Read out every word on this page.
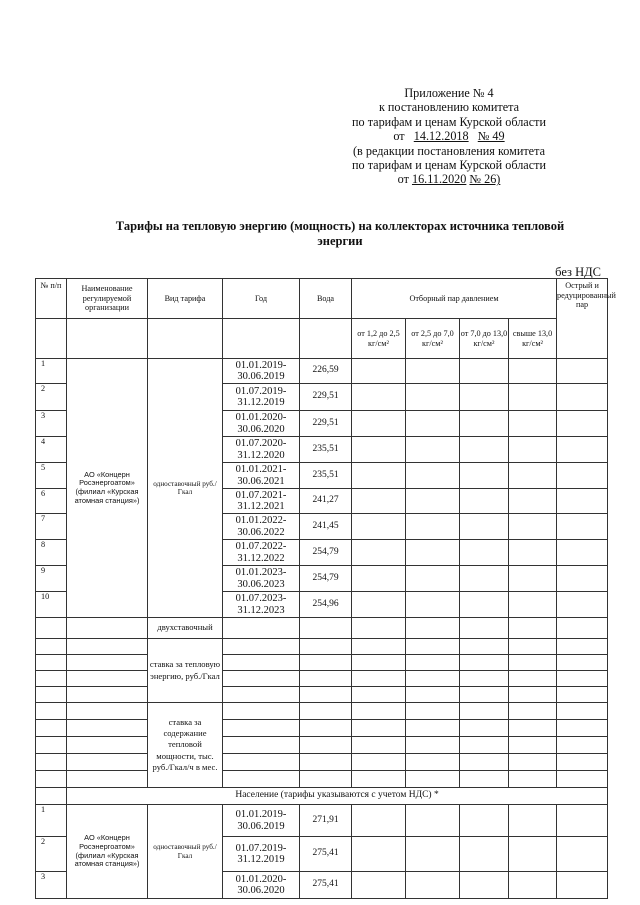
Приложение № 4
к постановлению комитета
по тарифам и ценам Курской области
от 14.12.2018 № 49
(в редакции постановления комитета
по тарифам и ценам Курской области
от 16.11.2020 № 26)
Тарифы на тепловую энергию (мощность) на коллекторах источника тепловой энергии
без НДС
№ п/п	Наименование регулируемой организации	Вид тарифа	Год	Вода	Отборный пар давлением				Острый и редуцированный пар
					от 1,2 до 2,5 кг/см²	от 2,5 до 7,0 кг/см²	от 7,0 до 13,0 кг/см²	свыше 13,0 кг/см²	
1	АО «Концерн Росэнергоатом» (филиал «Курская атомная станция»)	одноставочный руб./Гкал	01.01.2019-30.06.2019	226,59					
2			01.07.2019-31.12.2019	229,51					
3			01.01.2020-30.06.2020	229,51					
4			01.07.2020-31.12.2020	235,51					
5			01.01.2021-30.06.2021	235,51					
6			01.07.2021-31.12.2021	241,27					
7			01.01.2022-30.06.2022	241,45					
8			01.07.2022-31.12.2022	254,79					
9			01.01.2023-30.06.2023	254,79					
10			01.07.2023-31.12.2023	254,96					
		двухставочный							
		ставка за тепловую энергию, руб./Гкал							

		ставка за содержание тепловой мощности, тыс. руб./Гкал/ч в мес.							

	Население (тарифы указываются с учетом НДС) *								
1	АО «Концерн Росэнергоатом» (филиал «Курская атомная станция»)	одноставочный руб./Гкал	01.01.2019-30.06.2019	271,91					
2			01.07.2019-31.12.2019	275,41					
3			01.01.2020-30.06.2020	275,41					
